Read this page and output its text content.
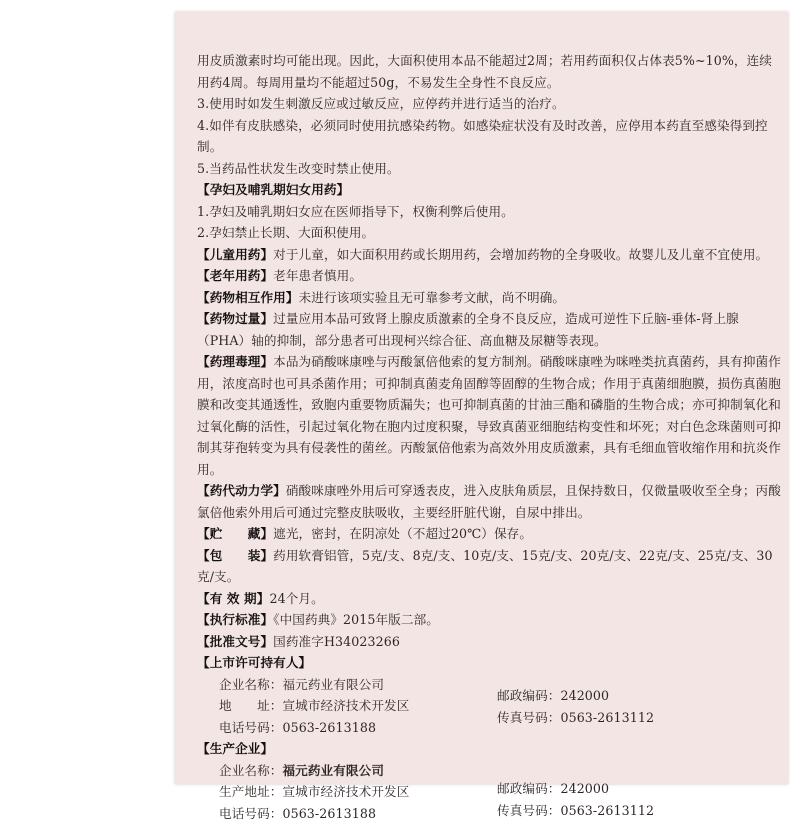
用皮质激素时均可能出现。因此，大面积使用本品不能超过2周；若用药面积仅占体表5%~10%，连续用药4周。每周用量均不能超过50g，不易发生全身性不良反应。

3.使用时如发生刺激反应或过敏反应，应停药并进行适当的治疗。

4.如伴有皮肤感染，必须同时使用抗感染药物。如感染症状没有及时改善，应停用本药直至感染得到控制。

5.当药品性状发生改变时禁止使用。

【孕妇及哺乳期妇女用药】

1.孕妇及哺乳期妇女应在医师指导下，权衡利弊后使用。

2.孕妇禁止长期、大面积使用。

【儿童用药】对于儿童，如大面积用药或长期用药，会增加药物的全身吸收。故婴儿及儿童不宜使用。

【老年用药】老年患者慎用。

【药物相互作用】未进行该项实验且无可靠参考文献，尚不明确。

【药物过量】过量应用本品可致肾上腺皮质激素的全身不良反应，造成可逆性下丘脑-垂体-肾上腺（PHA）轴的抑制，部分患者可出现柯兴综合征、高血糖及尿糖等表现。

【药理毒理】本品为硝酸咪康唑与丙酸氯倍他索的复方制剂。硝酸咪康唑为咪唑类抗真菌药，具有抑菌作用，浓度高时也可具杀菌作用；可抑制真菌麦角固醇等固醇的生物合成；作用于真菌细胞膜，损伤真菌胞膜和改变其通透性，致胞内重要物质漏失；也可抑制真菌的甘油三酯和磷脂的生物合成；亦可抑制氧化和过氧化酶的活性，引起过氧化物在胞内过度积聚，导致真菌亚细胞结构变性和坏死；对白色念珠菌则可抑制其芽孢转变为具有侵袭性的菌丝。丙酸氯倍他索为高效外用皮质激素，具有毛细血管收缩作用和抗炎作用。

【药代动力学】硝酸咪康唑外用后可穿透表皮，进入皮肤角质层，且保持数日，仅微量吸收至全身；丙酸氯倍他索外用后可通过完整皮肤吸收，主要经肝脏代谢，自尿中排出。

【贮　　藏】遮光，密封，在阴凉处（不超过20℃）保存。

【包　　装】药用软膏铝管，5克/支、8克/支、10克/支、15克/支、20克/支、22克/支、25克/支、30克/支。

【有 效 期】24个月。

【执行标准】《中国药典》2015年版二部。

【批准文号】国药准字H34023266

【上市许可持有人】

企业名称：福元药业有限公司
地　　址：宣城市经济技术开发区
邮政编码：242000
电话号码：0563-2613188
传真号码：0563-2613112

【生产企业】

企业名称：福元药业有限公司
生产地址：宣城市经济技术开发区	邮政编码：242000
电话号码：0563-2613188	传真号码：0563-2613112
